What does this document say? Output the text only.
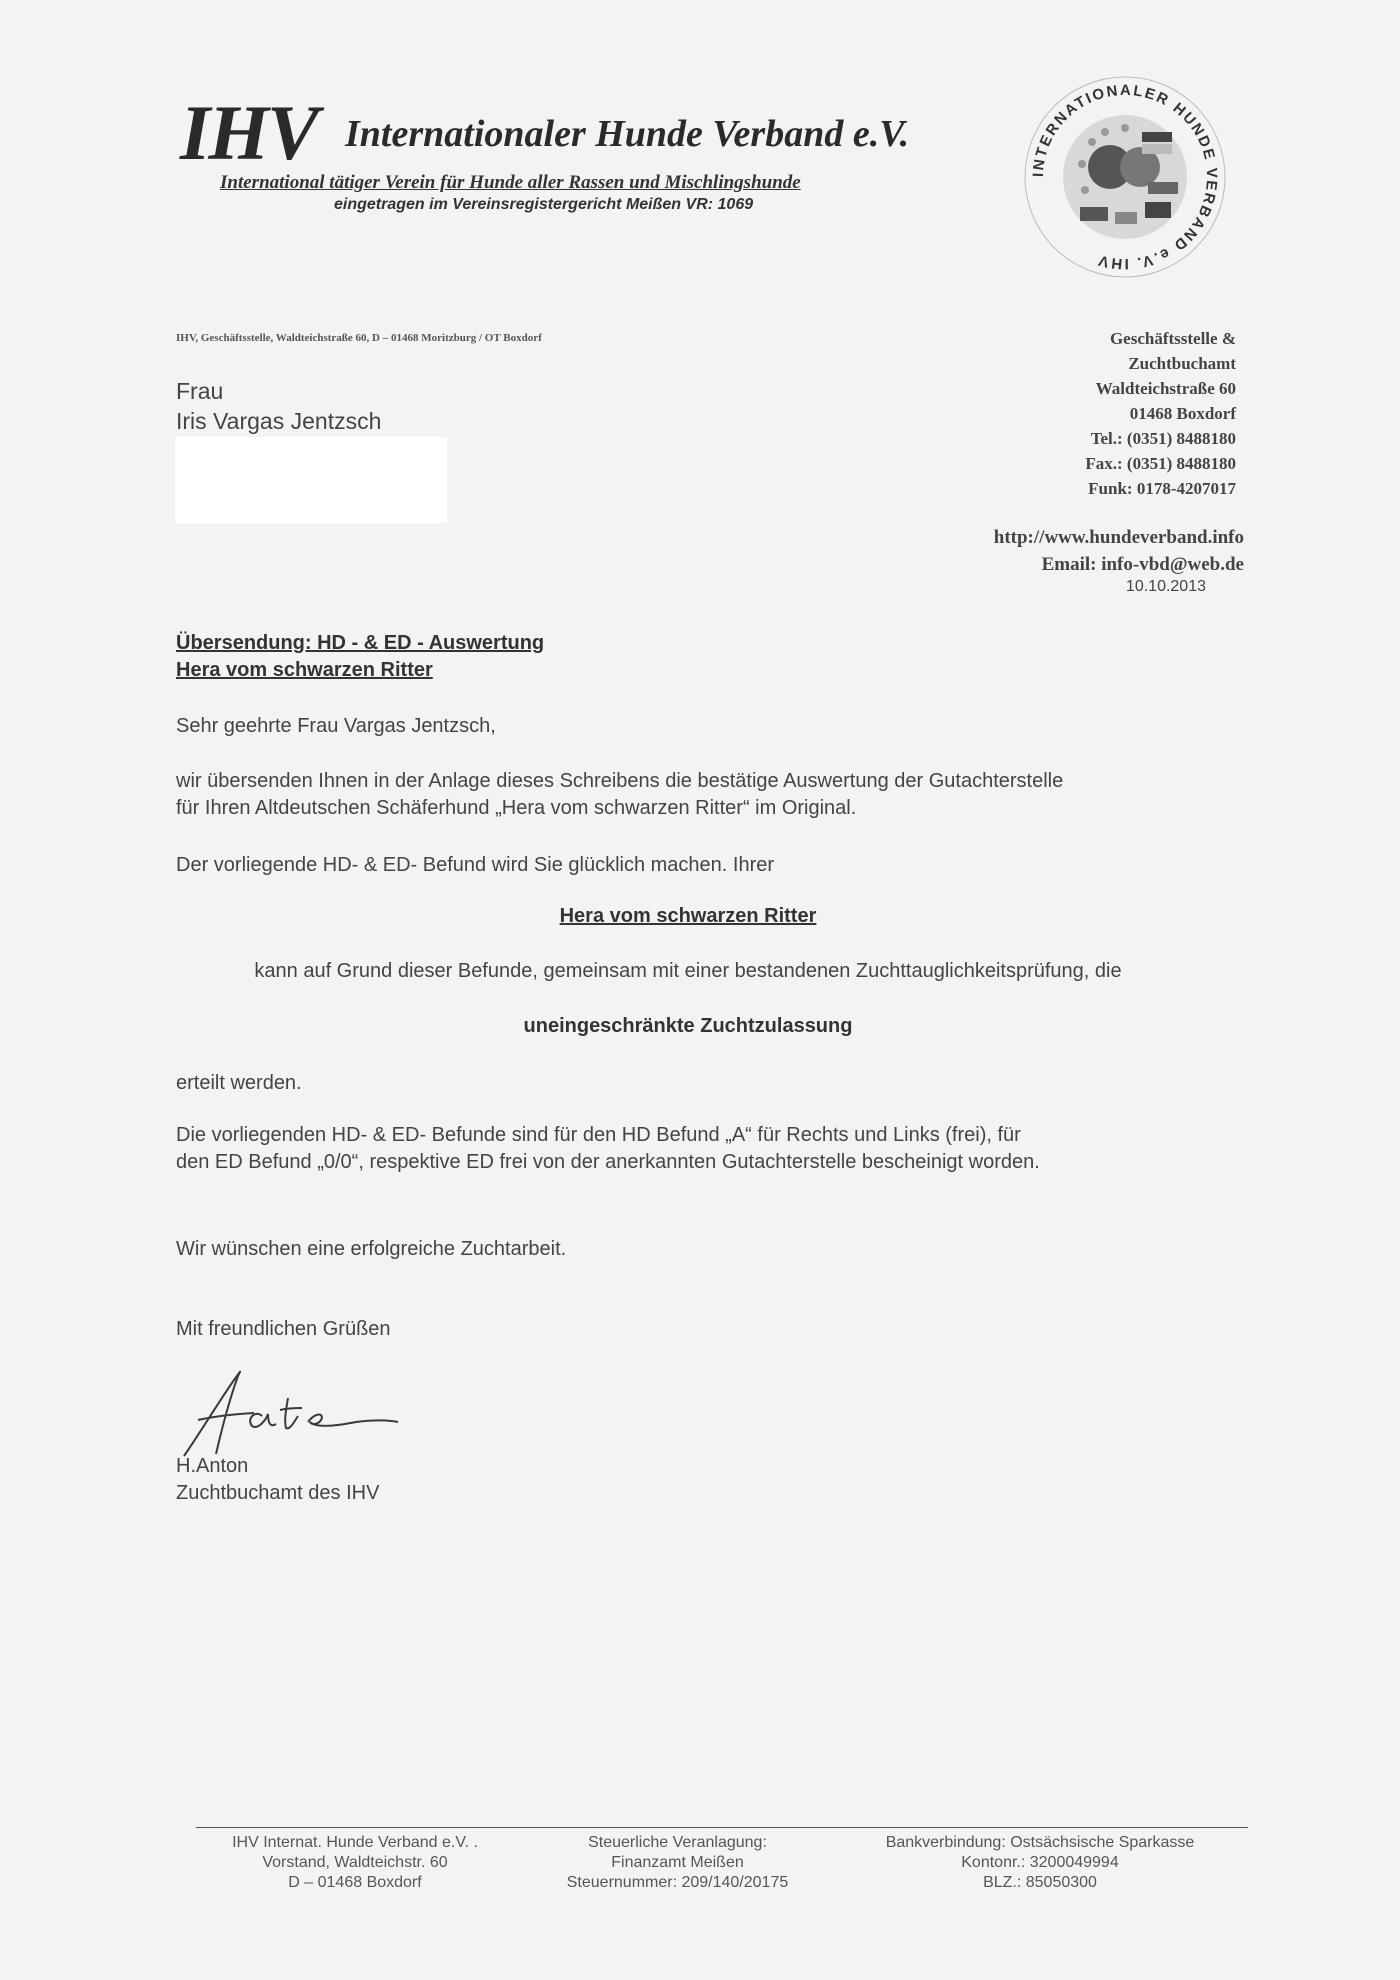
IHV Internationaler Hunde Verband e.V.
International tätiger Verein für Hunde aller Rassen und Mischlingshunde
eingetragen im Vereinsregistergericht Meißen VR: 1069
INTERNATIONALER HUNDE VERBAND e.V. IHV
IHV, Geschäftsstelle, Waldteichstraße 60, D – 01468 Moritzburg / OT Boxdorf
Frau
Iris Vargas Jentzsch
Geschäftsstelle &
Zuchtbuchamt
Waldteichstraße 60
01468 Boxdorf
Tel.: (0351) 8488180
Fax.: (0351) 8488180
Funk: 0178-4207017
http://www.hundeverband.info
Email: info-vbd@web.de
10.10.2013
Übersendung: HD - & ED - Auswertung
Hera vom schwarzen Ritter
Sehr geehrte Frau Vargas Jentzsch,
wir übersenden Ihnen in der Anlage dieses Schreibens die bestätige Auswertung der Gutachterstelle
für Ihren Altdeutschen Schäferhund „Hera vom schwarzen Ritter“ im Original.
Der vorliegende HD- & ED- Befund wird Sie glücklich machen. Ihrer
Hera vom schwarzen Ritter
kann auf Grund dieser Befunde, gemeinsam mit einer bestandenen Zuchttauglichkeitsprüfung, die
uneingeschränkte Zuchtzulassung
erteilt werden.
Die vorliegenden HD- & ED- Befunde sind für den HD Befund „A“ für Rechts und Links (frei), für
den ED Befund „0/0“, respektive ED frei von der anerkannten Gutachterstelle bescheinigt worden.
Wir wünschen eine erfolgreiche Zuchtarbeit.
Mit freundlichen Grüßen
H.Anton
Zuchtbuchamt des IHV
IHV Internat. Hunde Verband e.V. .
Vorstand, Waldteichstr. 60
D – 01468 Boxdorf
Steuerliche Veranlagung:
Finanzamt Meißen
Steuernummer: 209/140/20175
Bankverbindung: Ostsächsische Sparkasse
Kontonr.: 3200049994
BLZ.: 85050300
